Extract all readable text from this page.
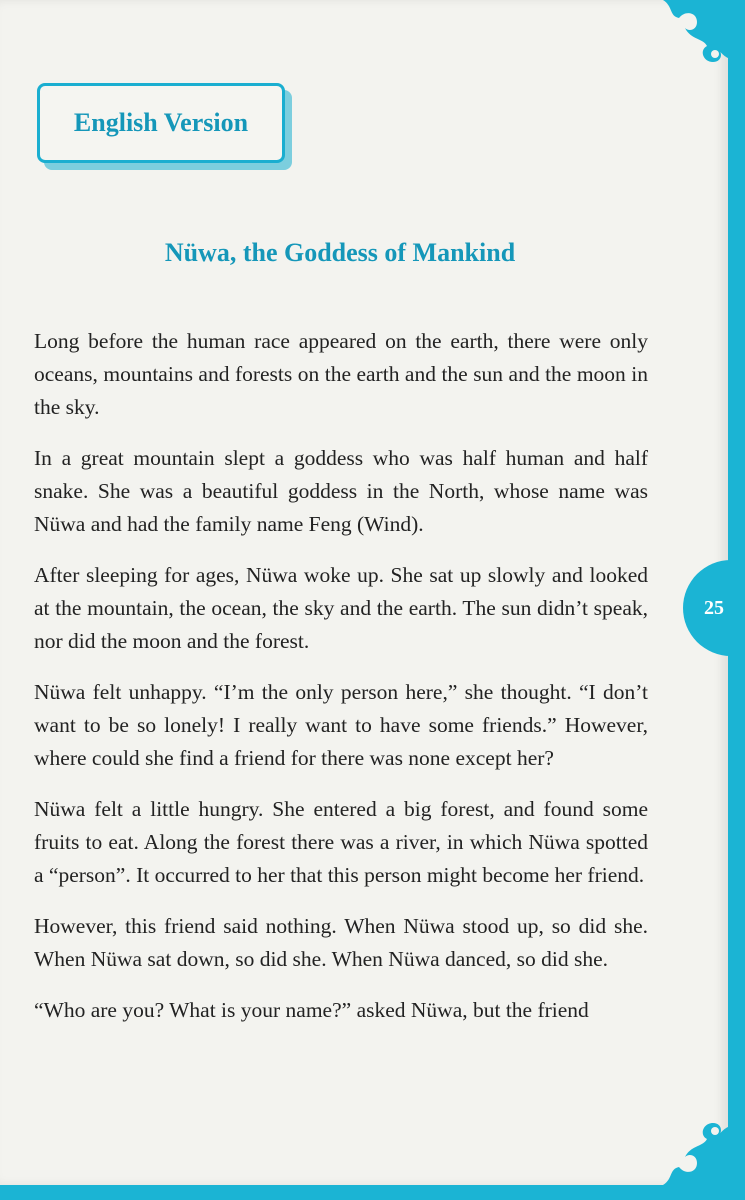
English Version
Nüwa, the Goddess of Mankind

Long before the human race appeared on the earth, there were only oceans, mountains and forests on the earth and the sun and the moon in the sky.

In a great mountain slept a goddess who was half human and half snake. She was a beautiful goddess in the North, whose name was Nüwa and had the family name Feng (Wind).

After sleeping for ages, Nüwa woke up. She sat up slowly and looked at the mountain, the ocean, the sky and the earth. The sun didn’t speak, nor did the moon and the forest.

Nüwa felt unhappy. “I’m the only person here,” she thought. “I don’t want to be so lonely! I really want to have some friends.” However, where could she find a friend for there was none except her?

Nüwa felt a little hungry. She entered a big forest, and found some fruits to eat. Along the forest there was a river, in which Nüwa spotted a “person”. It occurred to her that this person might become her friend.

However, this friend said nothing. When Nüwa stood up, so did she. When Nüwa sat down, so did she. When Nüwa danced, so did she.

“Who are you? What is your name?” asked Nüwa, but the friend

25
